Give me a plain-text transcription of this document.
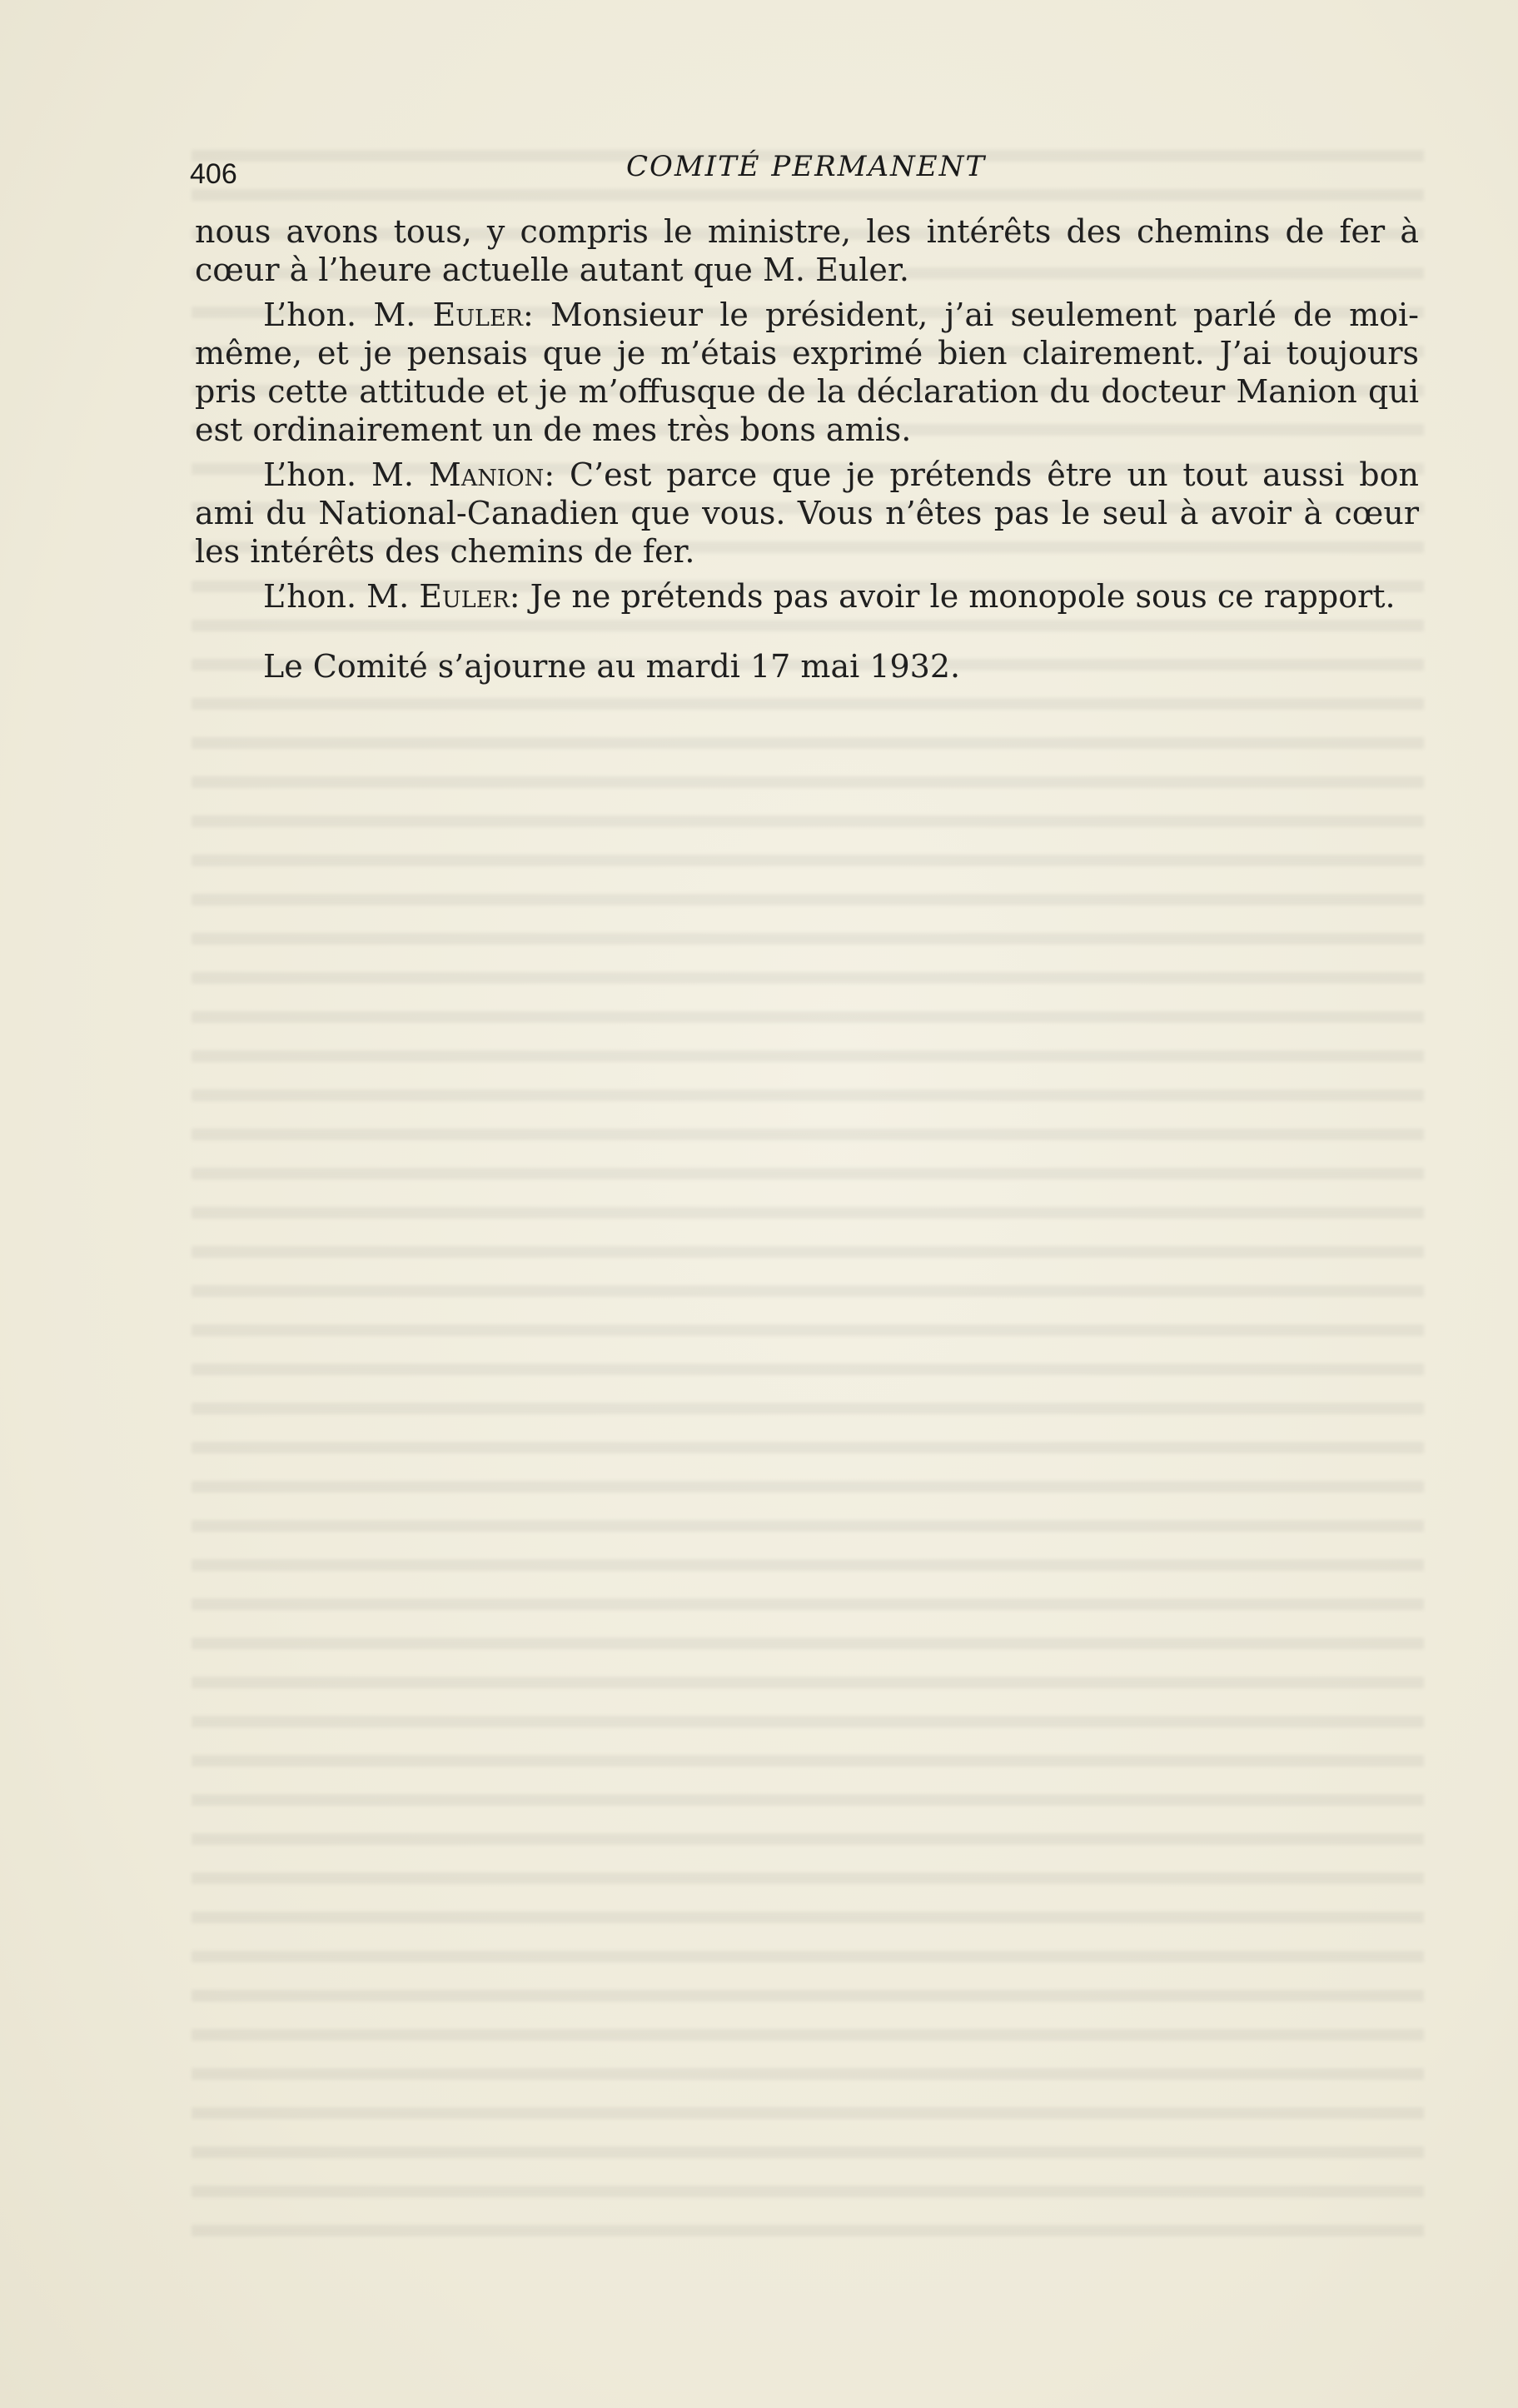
406	COMITÉ PERMANENT

nous avons tous, y compris le ministre, les intérêts des chemins de fer à cœur à l’heure actuelle autant que M. Euler.

L’hon. M. Euler: Monsieur le président, j’ai seulement parlé de moi-même, et je pensais que je m’étais exprimé bien clairement. J’ai toujours pris cette attitude et je m’offusque de la déclaration du docteur Manion qui est ordinairement un de mes très bons amis.

L’hon. M. Manion: C’est parce que je prétends être un tout aussi bon ami du National-Canadien que vous. Vous n’êtes pas le seul à avoir à cœur les intérêts des chemins de fer.

L’hon. M. Euler: Je ne prétends pas avoir le monopole sous ce rapport.

Le Comité s’ajourne au mardi 17 mai 1932.
